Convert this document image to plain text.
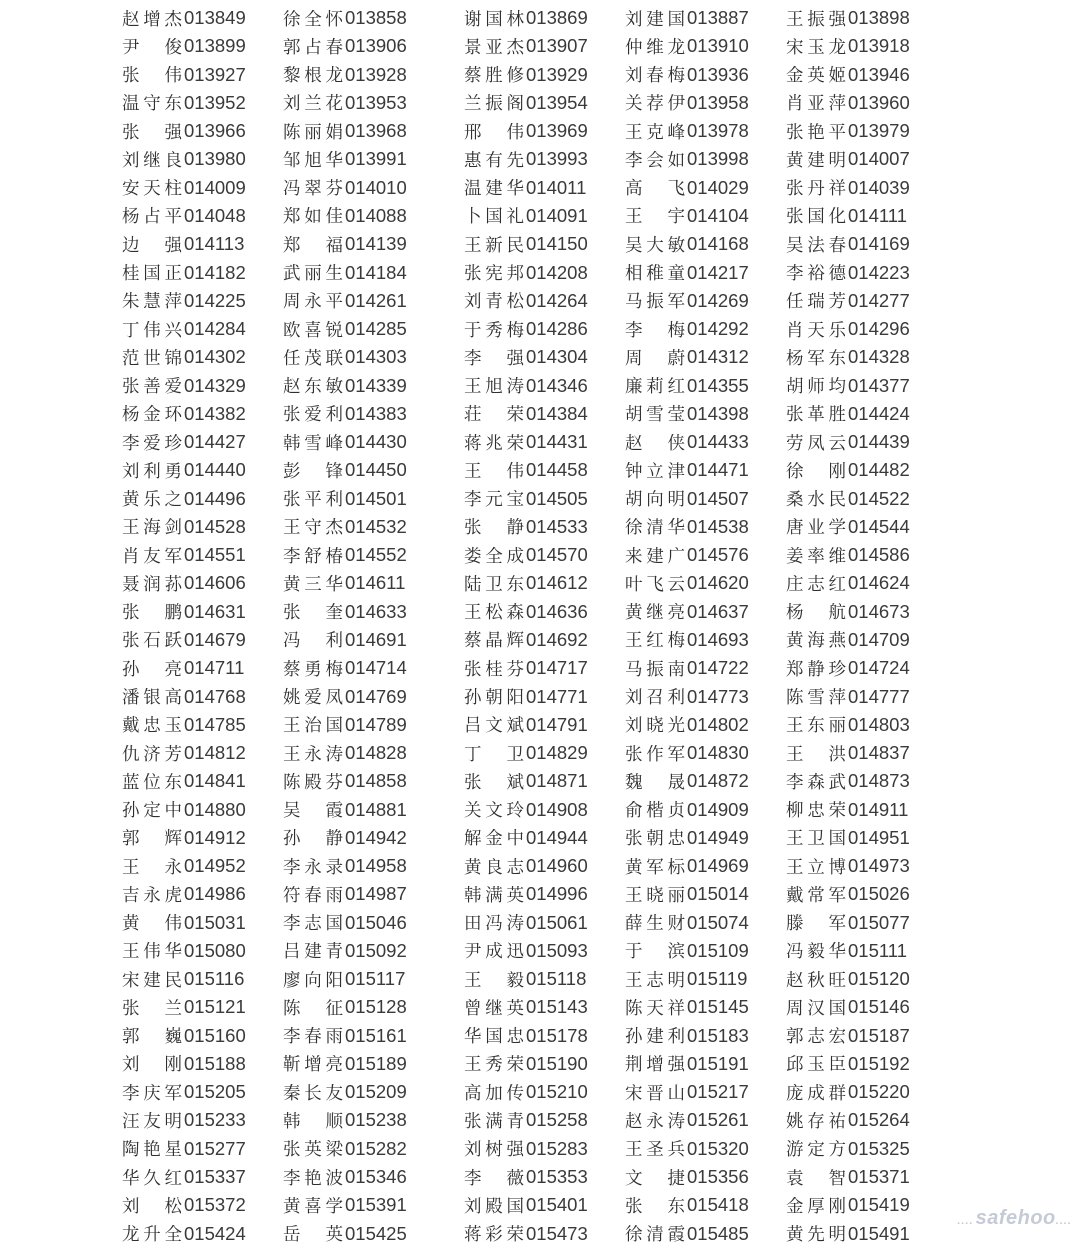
赵增杰 013849 徐全怀 013858	谢国林 013869 刘建国 013887 王振强 013898
尹　俊 013899 郭占春 013906	景亚杰 013907 仲维龙 013910 宋玉龙 013918
张　伟 013927 黎根龙 013928	蔡胜修 013929 刘春梅 013936 金英姬 013946
温守东 013952 刘兰花 013953	兰振阁 013954 关荐伊 013958 肖亚萍 013960
张　强 013966 陈丽娟 013968	邢　伟 013969 王克峰 013978 张艳平 013979
刘继良 013980 邹旭华 013991	惠有先 013993 李会如 013998 黄建明 014007
安天柱 014009 冯翠芬 014010	温建华 014011 高　飞 014029 张丹祥 014039
杨占平 014048 郑如佳 014088	卜国礼 014091 王　宇 014104 张国化 014111
边　强 014113 郑　福 014139	王新民 014150 吴大敏 014168 吴法春 014169
桂国正 014182 武丽生 014184	张宪邦 014208 相稚童 014217 李裕德 014223
朱慧萍 014225 周永平 014261	刘青松 014264 马振军 014269 任瑞芳 014277
丁伟兴 014284 欧喜锐 014285	于秀梅 014286 李　梅 014292 肖天乐 014296
范世锦 014302 任茂联 014303	李　强 014304 周　蔚 014312 杨军东 014328
张善爱 014329 赵东敏 014339	王旭涛 014346 廉莉红 014355 胡师均 014377
杨金环 014382 张爱利 014383	荘　荣 014384 胡雪莹 014398 张革胜 014424
李爱珍 014427 韩雪峰 014430	蒋兆荣 014431 赵　侠 014433 劳凤云 014439
刘利勇 014440 彭　锋 014450	王　伟 014458 钟立津 014471 徐　刚 014482
黄乐之 014496 张平利 014501	李元宝 014505 胡向明 014507 桑水民 014522
王海剑 014528 王守杰 014532	张　静 014533 徐清华 014538 唐业学 014544
肖友军 014551 李舒椿 014552	娄全成 014570 来建广 014576 姜率维 014586
聂润荪 014606 黄三华 014611	陆卫东 014612 叶飞云 014620 庄志红 014624
张　鹏 014631 张　奎 014633	王松森 014636 黄继亮 014637 杨　航 014673
张石跃 014679 冯　利 014691	蔡晶辉 014692 王红梅 014693 黄海燕 014709
孙　亮 014711 蔡勇梅 014714	张桂芬 014717 马振南 014722 郑静珍 014724
潘银高 014768 姚爱凤 014769	孙朝阳 014771 刘召利 014773 陈雪萍 014777
戴忠玉 014785 王治国 014789	吕文斌 014791 刘晓光 014802 王东丽 014803
仇济芳 014812 王永涛 014828	丁　卫 014829 张作军 014830 王　洪 014837
蓝位东 014841 陈殿芬 014858	张　斌 014871 魏　晟 014872 李森武 014873
孙定中 014880 吴　霞 014881	关文玲 014908 俞楷贞 014909 柳忠荣 014911
郭　辉 014912 孙　静 014942	解金中 014944 张朝忠 014949 王卫国 014951
王　永 014952 李永录 014958	黄良志 014960 黄军标 014969 王立博 014973
吉永虎 014986 符春雨 014987	韩满英 014996 王晓丽 015014 戴常军 015026
黄　伟 015031 李志国 015046	田冯涛 015061 薛生财 015074 滕　军 015077
王伟华 015080 吕建青 015092	尹成迅 015093 于　滨 015109 冯毅华 015111
宋建民 015116 廖向阳 015117	王　毅 015118 王志明 015119 赵秋旺 015120
张　兰 015121 陈　征 015128	曾继英 015143 陈天祥 015145 周汉国 015146
郭　巍 015160 李春雨 015161	华国忠 015178 孙建利 015183 郭志宏 015187
刘　刚 015188 靳增亮 015189	王秀荣 015190 荆增强 015191 邱玉臣 015192
李庆军 015205 秦长友 015209	高加传 015210 宋晋山 015217 庞成群 015220
汪友明 015233 韩　顺 015238	张满青 015258 赵永涛 015261 姚存祐 015264
陶艳星 015277 张英梁 015282	刘树强 015283 王圣兵 015320 游定方 015325
华久红 015337 李艳波 015346	李　薇 015353 文　捷 015356 袁　智 015371
刘　松 015372 黄喜学 015391	刘殿国 015401 张　东 015418 金厚刚 015419
龙升全 015424 岳　英 015425	蒋彩荣 015473 徐清霞 015485 黄先明 015491
.... safehoo....
